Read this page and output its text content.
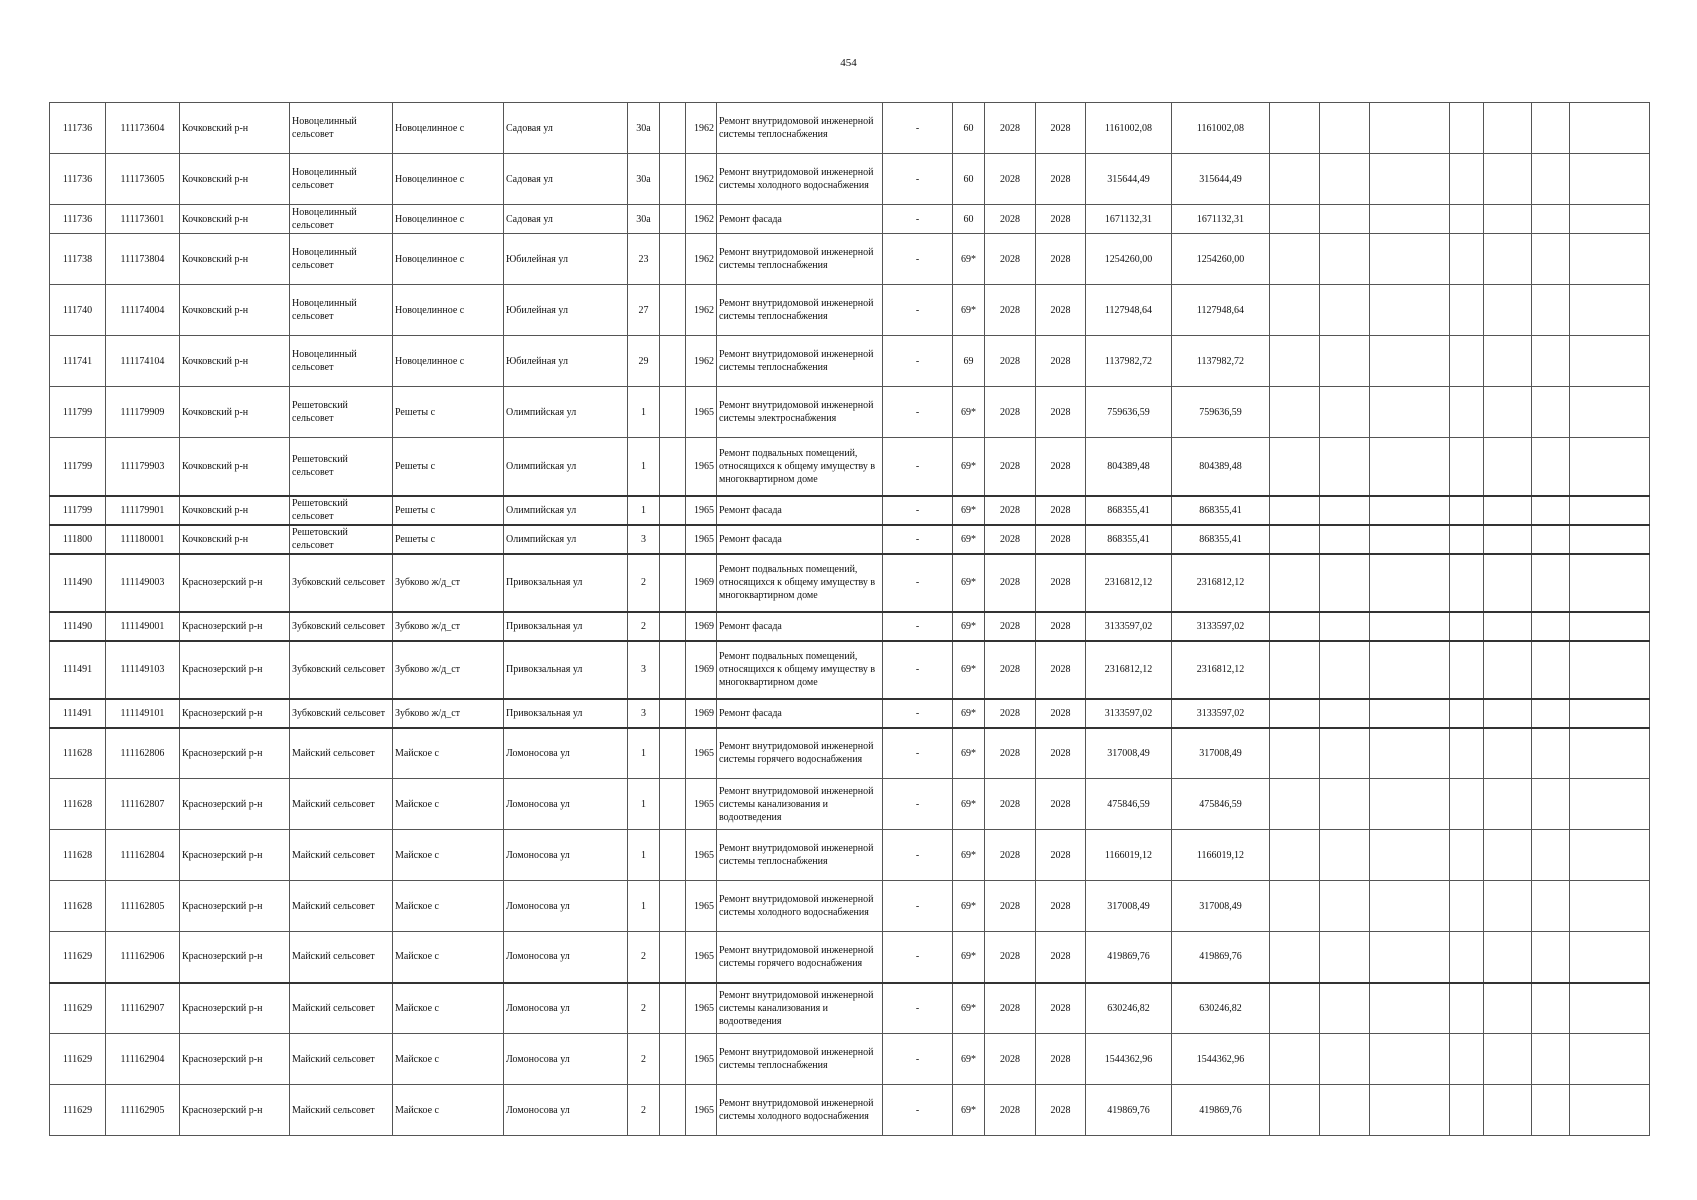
454
111736	111173604	Кочковский р-н	Новоцелинный сельсовет	Новоцелинное с	Садовая ул	30а		1962	Ремонт внутридомовой инженерной системы теплоснабжения	-	60	2028	2028	1161002,08	1161002,08							
111736	111173605	Кочковский р-н	Новоцелинный сельсовет	Новоцелинное с	Садовая ул	30а		1962	Ремонт внутридомовой инженерной системы холодного водоснабжения	-	60	2028	2028	315644,49	315644,49							
111736	111173601	Кочковский р-н	Новоцелинный сельсовет	Новоцелинное с	Садовая ул	30а		1962	Ремонт фасада	-	60	2028	2028	1671132,31	1671132,31							
111738	111173804	Кочковский р-н	Новоцелинный сельсовет	Новоцелинное с	Юбилейная ул	23		1962	Ремонт внутридомовой инженерной системы теплоснабжения	-	69*	2028	2028	1254260,00	1254260,00							
111740	111174004	Кочковский р-н	Новоцелинный сельсовет	Новоцелинное с	Юбилейная ул	27		1962	Ремонт внутридомовой инженерной системы теплоснабжения	-	69*	2028	2028	1127948,64	1127948,64							
111741	111174104	Кочковский р-н	Новоцелинный сельсовет	Новоцелинное с	Юбилейная ул	29		1962	Ремонт внутридомовой инженерной системы теплоснабжения	-	69	2028	2028	1137982,72	1137982,72							
111799	111179909	Кочковский р-н	Решетовский сельсовет	Решеты с	Олимпийская ул	1		1965	Ремонт внутридомовой инженерной системы электроснабжения	-	69*	2028	2028	759636,59	759636,59							
111799	111179903	Кочковский р-н	Решетовский сельсовет	Решеты с	Олимпийская ул	1		1965	Ремонт подвальных помещений, относящихся к общему имуществу в многоквартирном доме	-	69*	2028	2028	804389,48	804389,48							
111799	111179901	Кочковский р-н	Решетовский сельсовет	Решеты с	Олимпийская ул	1		1965	Ремонт фасада	-	69*	2028	2028	868355,41	868355,41							
111800	111180001	Кочковский р-н	Решетовский сельсовет	Решеты с	Олимпийская ул	3		1965	Ремонт фасада	-	69*	2028	2028	868355,41	868355,41							
111490	111149003	Краснозерский р-н	Зубковский сельсовет	Зубково ж/д_ст	Привокзальная ул	2		1969	Ремонт подвальных помещений, относящихся к общему имуществу в многоквартирном доме	-	69*	2028	2028	2316812,12	2316812,12							
111490	111149001	Краснозерский р-н	Зубковский сельсовет	Зубково ж/д_ст	Привокзальная ул	2		1969	Ремонт фасада	-	69*	2028	2028	3133597,02	3133597,02							
111491	111149103	Краснозерский р-н	Зубковский сельсовет	Зубково ж/д_ст	Привокзальная ул	3		1969	Ремонт подвальных помещений, относящихся к общему имуществу в многоквартирном доме	-	69*	2028	2028	2316812,12	2316812,12							
111491	111149101	Краснозерский р-н	Зубковский сельсовет	Зубково ж/д_ст	Привокзальная ул	3		1969	Ремонт фасада	-	69*	2028	2028	3133597,02	3133597,02							
111628	111162806	Краснозерский р-н	Майский сельсовет	Майское с	Ломоносова ул	1		1965	Ремонт внутридомовой инженерной системы горячего водоснабжения	-	69*	2028	2028	317008,49	317008,49							
111628	111162807	Краснозерский р-н	Майский сельсовет	Майское с	Ломоносова ул	1		1965	Ремонт внутридомовой инженерной системы канализования и водоотведения	-	69*	2028	2028	475846,59	475846,59							
111628	111162804	Краснозерский р-н	Майский сельсовет	Майское с	Ломоносова ул	1		1965	Ремонт внутридомовой инженерной системы теплоснабжения	-	69*	2028	2028	1166019,12	1166019,12							
111628	111162805	Краснозерский р-н	Майский сельсовет	Майское с	Ломоносова ул	1		1965	Ремонт внутридомовой инженерной системы холодного водоснабжения	-	69*	2028	2028	317008,49	317008,49							
111629	111162906	Краснозерский р-н	Майский сельсовет	Майское с	Ломоносова ул	2		1965	Ремонт внутридомовой инженерной системы горячего водоснабжения	-	69*	2028	2028	419869,76	419869,76							
111629	111162907	Краснозерский р-н	Майский сельсовет	Майское с	Ломоносова ул	2		1965	Ремонт внутридомовой инженерной системы канализования и водоотведения	-	69*	2028	2028	630246,82	630246,82							
111629	111162904	Краснозерский р-н	Майский сельсовет	Майское с	Ломоносова ул	2		1965	Ремонт внутридомовой инженерной системы теплоснабжения	-	69*	2028	2028	1544362,96	1544362,96							
111629	111162905	Краснозерский р-н	Майский сельсовет	Майское с	Ломоносова ул	2		1965	Ремонт внутридомовой инженерной системы холодного водоснабжения	-	69*	2028	2028	419869,76	419869,76							
